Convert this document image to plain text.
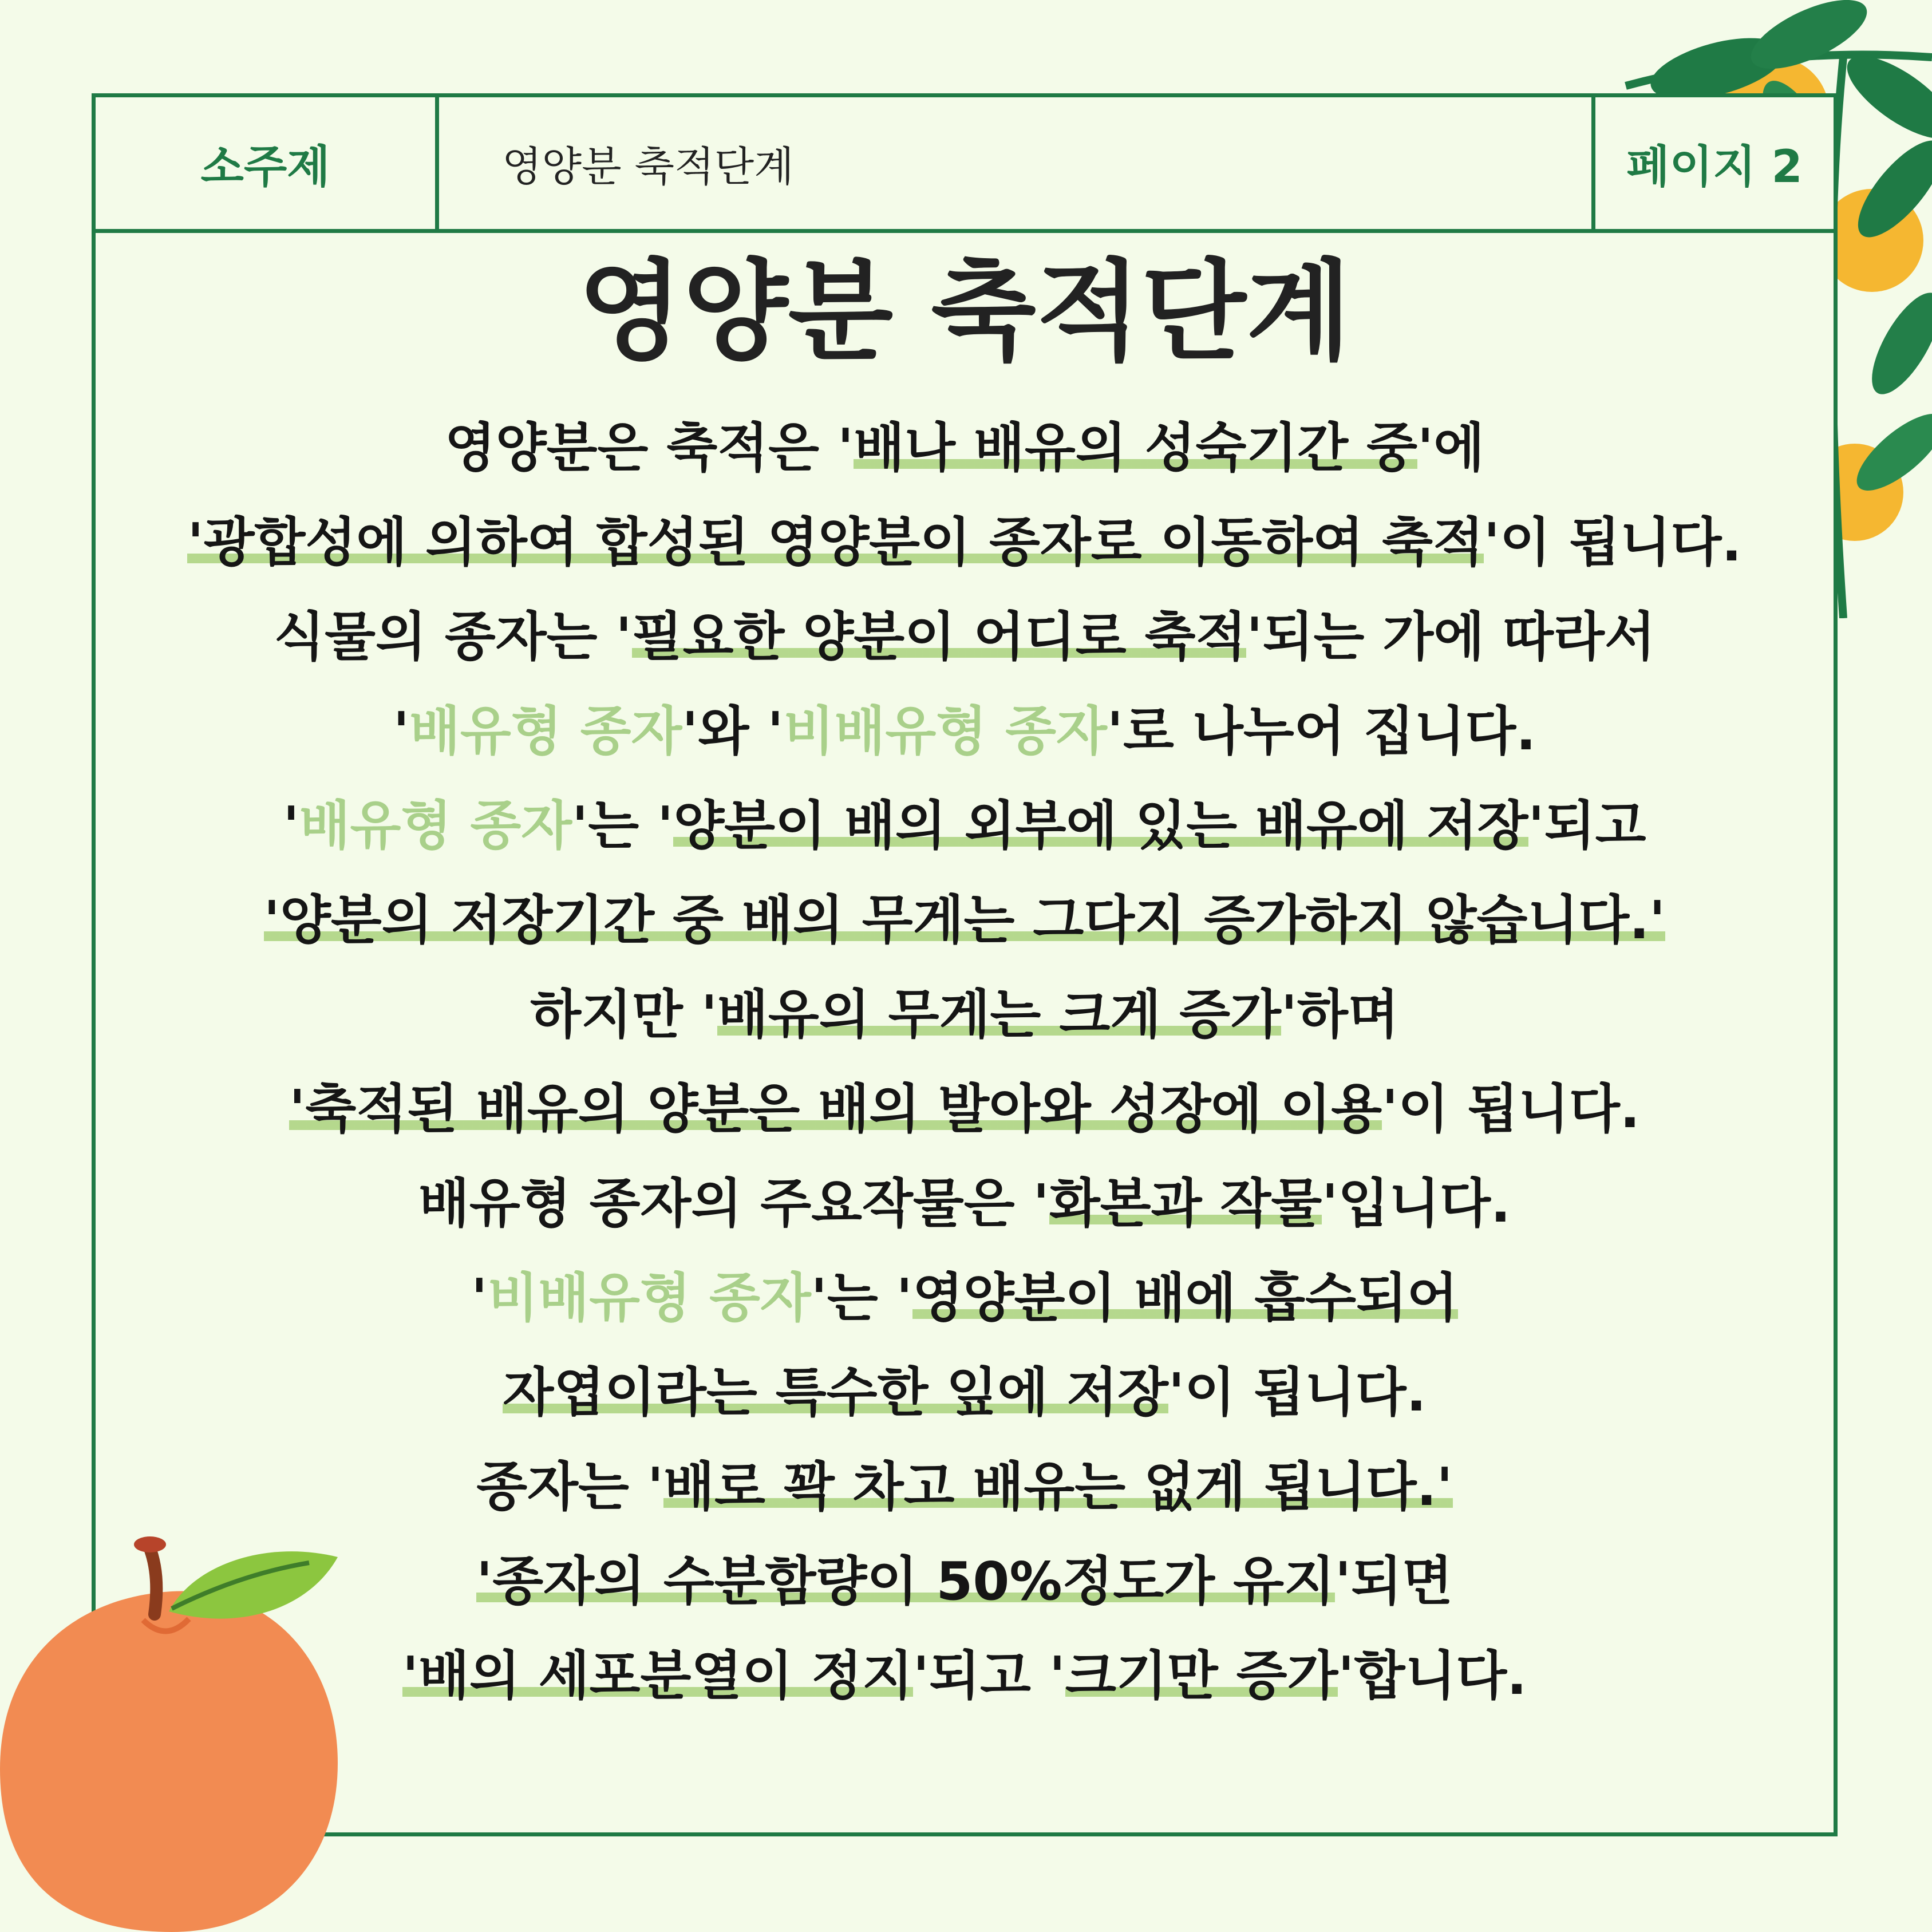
소주제	영양분 축적단계	페이지 2
영양분 축적단계
영양분은 축적은 '배나 배유의 성숙기간 중'에
'광합성에 의하여 합성된 영양분이 종자로 이동하여 축적'이 됩니다.
식물의 종자는 '필요한 양분이 어디로 축적'되는 가에 따라서
'배유형 종자'와 '비배유형 종자'로 나누어 집니다.
'배유형 종자'는 '양분이 배의 외부에 있는 배유에 저장'되고
'양분의 저장기간 중 배의 무게는 그다지 증가하지 않습니다.'
하지만 '배유의 무게는 크게 증가'하며
'축적된 배유의 양분은 배의 발아와 성장에 이용'이 됩니다.
배유형 종자의 주요작물은 '화본과 작물'입니다.
'비배유형 종자'는 '영양분이 배에 흡수되어
자엽이라는 특수한 잎에 저장'이 됩니다.
종자는 '배로 꽉 차고 배유는 없게 됩니다.'
'종자의 수분함량이 50%정도가 유지'되면
'배의 세포분열이 정지'되고 '크기만 증가'합니다.
